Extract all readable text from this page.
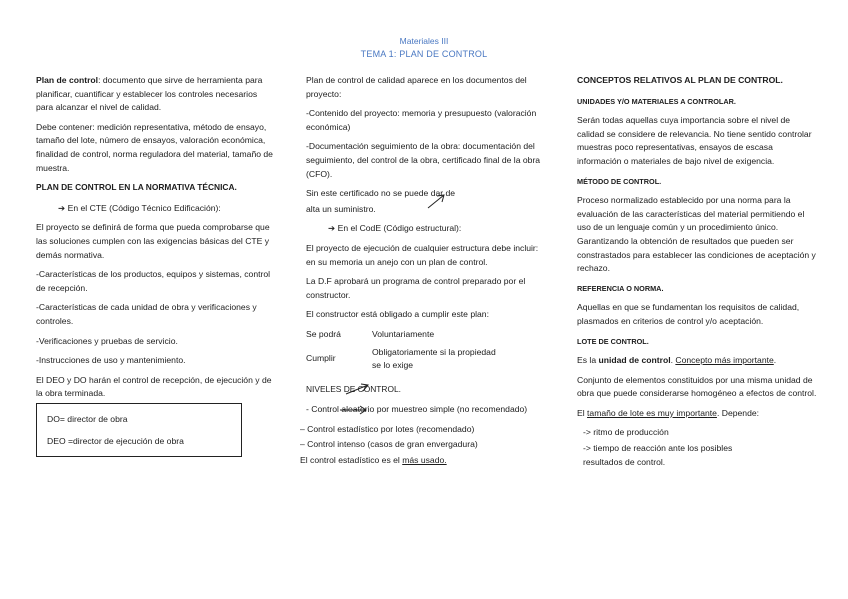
Materiales III
TEMA 1: PLAN DE CONTROL

Plan de control: documento que sirve de herramienta para planificar, cuantificar y establecer los controles necesarios para alcanzar el nivel de calidad.

Debe contener: medición representativa, método de ensayo, tamaño del lote, número de ensayos, valoración económica, finalidad de control, norma reguladora del material, tamaño de muestra.

PLAN DE CONTROL EN LA NORMATIVA TÉCNICA.

➔ En el CTE (Código Técnico Edificación):

El proyecto se definirá de forma que pueda comprobarse que las soluciones cumplen con las exigencias básicas del CTE y demás normativa.

-Características de los productos, equipos y sistemas, control de recepción.

-Características de cada unidad de obra y verificaciones y controles.

-Verificaciones y pruebas de servicio.

-Instrucciones de uso y mantenimiento.

El DEO y DO harán el control de recepción, de ejecución y de la obra terminada.

DO= director de obra
DEO =director de ejecución de obra

Plan de control de calidad aparece en los documentos del proyecto:

-Contenido del proyecto: memoria y presupuesto (valoración económica)

-Documentación seguimiento de la obra: documentación del seguimiento, del control de la obra, certificado final de la obra (CFO).

Sin este certificado no se puede dar de

alta un suministro.

➔ En el CodE (Código estructural):

El proyecto de ejecución de cualquier estructura debe incluir: en su memoria un anejo con un plan de control.

La D.F aprobará un programa de control preparado por el constructor.

El constructor está obligado a cumplir este plan:

Se podrá	Voluntariamente
Cumplir
Obligatoriamente si la propiedad
se lo exige
NIVELES DE CONTROL.

- Control aleatorio por muestreo simple (no recomendado)

– Control estadístico por lotes (recomendado)

– Control intenso (casos de gran envergadura)

El control estadístico es el más usado.

CONCEPTOS RELATIVOS AL PLAN DE CONTROL.
UNIDADES Y/O MATERIALES A CONTROLAR.

Serán todas aquellas cuya importancia sobre el nivel de calidad se considere de relevancia. No tiene sentido controlar muestras poco representativas, ensayos de escasa información o materiales de bajo nivel de exigencia.

MÉTODO DE CONTROL.

Proceso normalizado establecido por una norma para la evaluación de las características del material permitiendo el uso de un lenguaje común y un procedimiento único. Garantizando la obtención de resultados que pueden ser constrastados para establecer las condiciones de aceptación y rechazo.

REFERENCIA O NORMA.

Aquellas en que se fundamentan los requisitos de calidad, plasmados en criterios de control y/o aceptación.

LOTE DE CONTROL.

Es la unidad de control. Concepto más importante.

Conjunto de elementos constituidos por una misma unidad de obra que puede considerarse homogéneo a efectos de control.

El tamaño de lote es muy importante. Depende:

-> ritmo de producción

-> tiempo de reacción ante los posibles
resultados de control.
